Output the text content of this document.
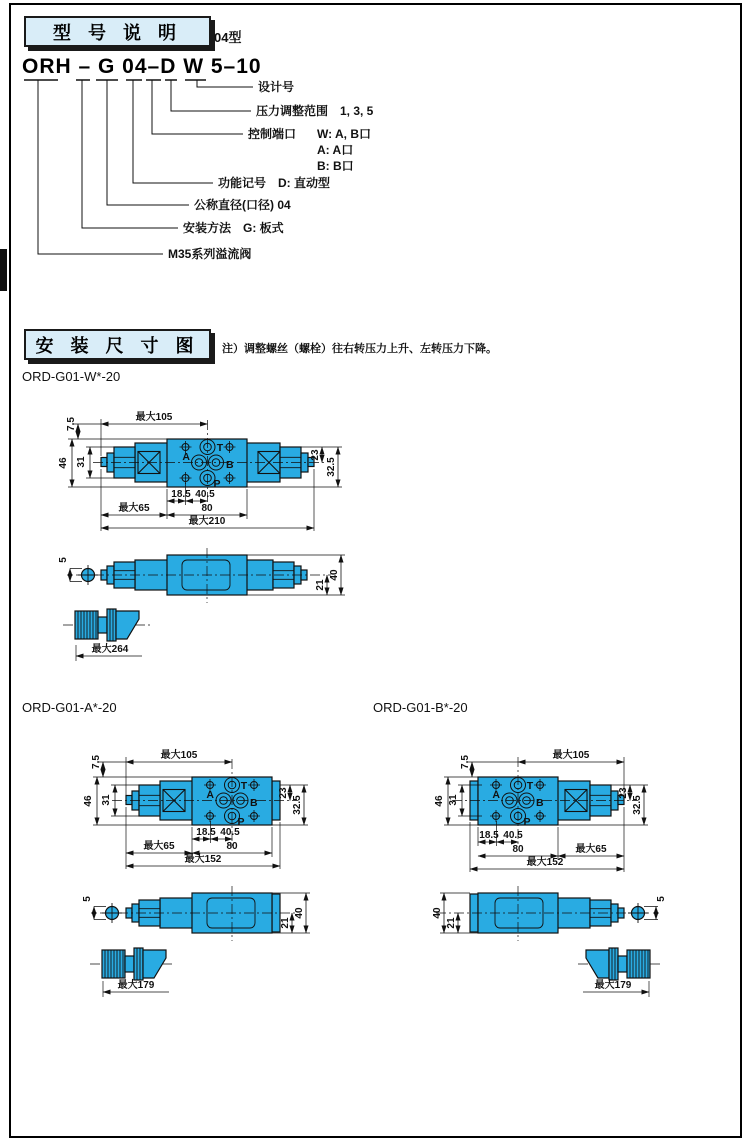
型 号 说 明 04型
ORH – G 04–D W 5–10
设计号
压力调整范围　1, 3, 5
控制端口 W: A, B口
A: A口
B: B口
功能记号　D: 直动型
公称直径(口径) 04
安装方法　G: 板式
M35系列溢流阀
安 装 尺 寸 图 注）调整螺丝（螺栓）往右转压力上升、左转压力下降。
ORD-G01-W*-20
ORD-G01-A*-20	ORD-G01-B*-20
最大105
7.5
46 31
23
32.5
18.5 40.5
最大65	80
最大210
A
T
B
P
5
21
40
最大264
最大105
7.5
46 31
23
32.5
18.5 40.5
最大65	80
最大152
A
T
B
P
5
21
40
最大179
最大105
7.5
46 31
23
32.5
18.5 40.5
80	最大65
最大152
A
T
B
P
5
21
40
最大179
